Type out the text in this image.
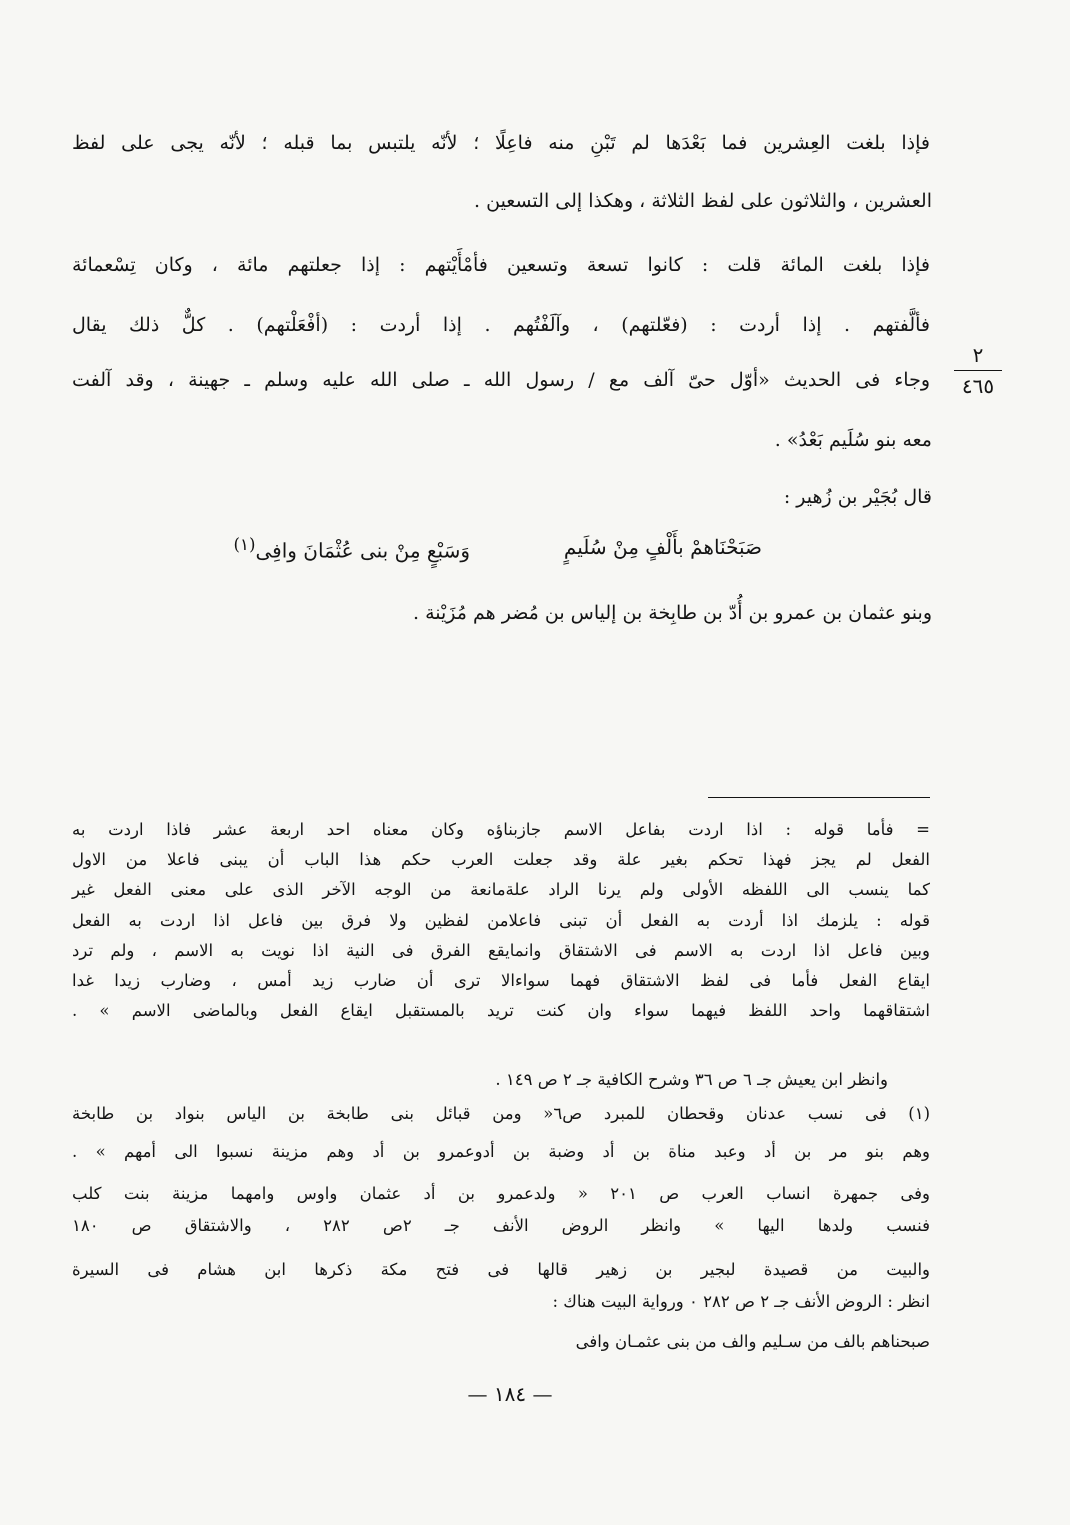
فإذا بلغت العِشرين فما بَعْدَها لم تَبْنِ منه فاعِلًا ؛ لأنّه يلتبس بما قبله ؛ لأنّه يجى على لفظ
العشرين ، والثلاثون على لفظ الثلاثة ، وهكذا إلى التسعين .
فإذا بلغت المائة قلت : كانوا تسعة وتسعين فأمْأَيْتهم : إذا جعلتهم مائة ، وكان تِسْعمائة
فألَّفتهم . إذا أردت : (فعّلتهم) ، وآلَفْتُهم . إذا أردت : (أفْعَلْتهم) . كلٌّ ذلك يقال
وجاء فى الحديث «أوّل حىّ آلف مع / رسول الله ـ صلى الله عليه وسلم ـ جهينة ، وقد آلفت
معه بنو سُلَيم بَعْدُ» .
قال بُجَيْر بن زُهير :
٢
٤٦٥
صَبَحْنَاهمْ بأَلْفٍ مِنْ سُلَيمٍ
وَسَبْعٍ مِنْ بنى عُثْمَانَ وافِى$^{(١)}$
وبنو عثمان بن عمرو بن أُدّ بن طابِخة بن إلياس بن مُضر هم مُزَيْنة .
= فأما قوله : اذا اردت بفاعل الاسم جازبناؤه وكان معناه احد اربعة عشر فاذا اردت به
الفعل لم يجز فهذا تحكم بغير علة وقد جعلت العرب حكم هذا الباب أن يبنى فاعلا من الاول
كما ينسب الى اللفظه الأولى ولم يرنا الراد علةمانعة من الوجه الآخر الذى على معنى الفعل غير
قوله : يلزمك اذا أردت به الفعل أن تبنى فاعلامن لفظين ولا فرق بين فاعل اذا اردت به الفعل
وبين فاعل اذا اردت به الاسم فى الاشتقاق وانمايقع الفرق فى النية اذا نويت به الاسم ، ولم ترد
ايقاع الفعل فأما فى لفظ الاشتقاق فهما سواءالا ترى أن ضارب زيد أمس ، وضارب زيدا غدا
اشتقاقهما واحد اللفظ فيهما سواء وان كنت تريد بالمستقبل ايقاع الفعل وبالماضى الاسم » .
وانظر ابن يعيش جـ ٦ ص ٣٦ وشرح الكافية جـ ٢ ص ١٤٩ .
(١) فى نسب عدنان وقحطان للمبرد ص٦« ومن قبائل بنى طابخة بن الياس بنواد بن طابخة
وهم بنو مر بن أد وعبد مناة بن أد وضبة بن أدوعمرو بن أد وهم مزينة نسبوا الى أمهم » .
وفى جمهرة انساب العرب ص ٢٠١ « ولدعمرو بن أد عثمان واوس وامهما مزينة بنت كلب
فنسب ولدها اليها » وانظر الروض الأنف جـ ٢ص ٢٨٢ ، والاشتقاق ص ١٨٠
والبيت من قصيدة لبجير بن زهير قالها فى فتح مكة ذكرها ابن هشام فى السيرة
انظر : الروض الأنف جـ ٢ ص ٢٨٢ ٠ ورواية البيت هناك :
صبحناهم بالف من سـليم والف من بنى عثمـان وافى
— ١٨٤ —
